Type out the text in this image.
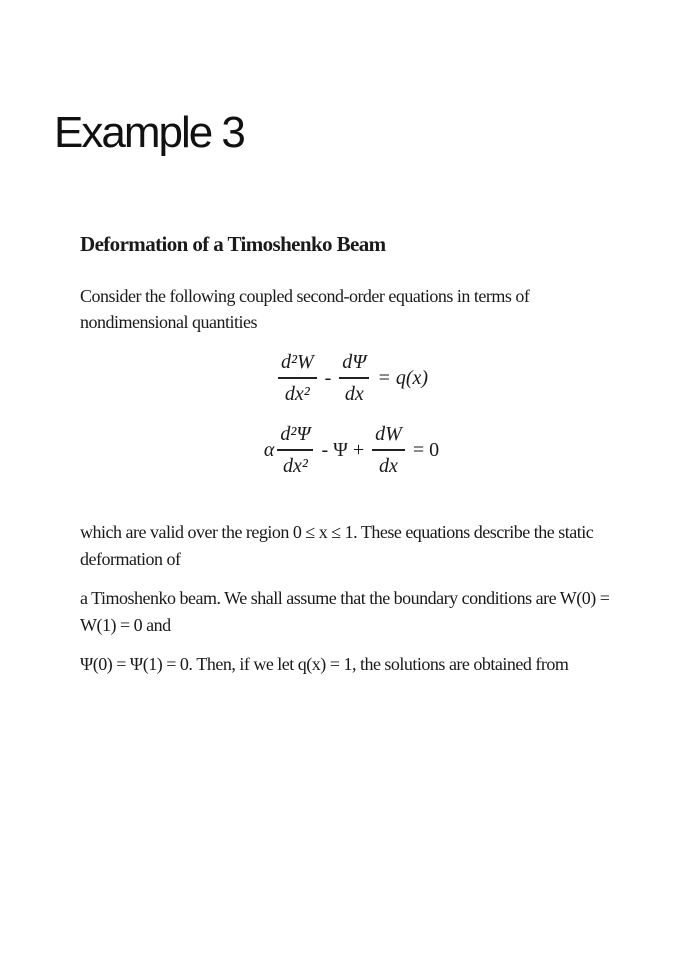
Example 3
Deformation of a Timoshenko Beam
Consider the following coupled second-order equations in terms of nondimensional quantities
$\frac{\text{d²W}}{\text{dx²}} - \frac{d\Psi}{dx} = q(x)$
α $\frac{\text{d²Ψ}}{\text{dx²}} - \Psi + \frac{dW}{dx} = 0$
which are valid over the region 0 ≤ x ≤ 1. These equations describe the static deformation of
a Timoshenko beam. We shall assume that the boundary conditions are W(0) = W(1) = 0 and
Ψ(0) = Ψ(1) = 0. Then, if we let q(x) = 1, the solutions are obtained from
